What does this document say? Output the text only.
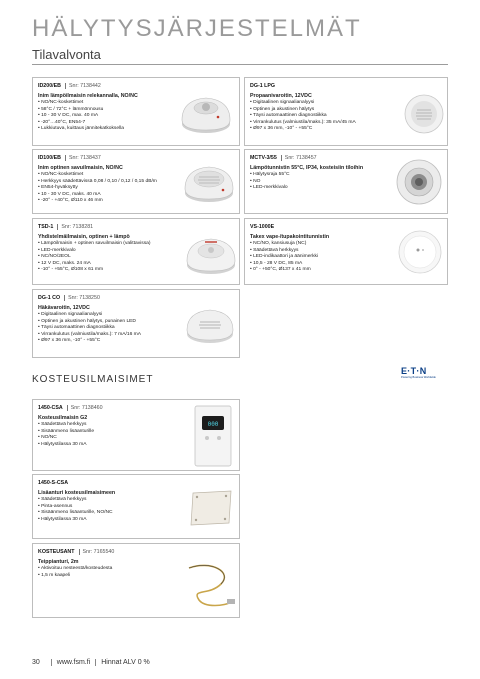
HÄLYTYSJÄRJESTELMÄT
Tilavalvonta
ID200/EB Snr: 7138442
Inim lämpöilmaisin relekannalla, NO/NC
• NO/NC-koskettimet
• 58°C / 72°C + lämmönnousu
• 10 - 30 V DC, max. 40 mA
• -20°…40°C, EN54-7
• Lukkiutuva, kuittaus jännitekatkoksella
DG-1 LPG
Propaanivaroitin, 12VDC
• Digitaalinen signaalianalyysi
• Optinen ja akustinen hälytys
• Täysi automaattinen diagnostiikka
• Virrankulutus (valmiustila/maks.): 35 mA/45 mA
• Ø97 x 36 mm, -10° - +55°C
ID100/EB Snr: 7138437
Inim optinen savuilmaisin, NO/NC
• NO/NC-koskettimet
• Herkkyys säädettävissä 0,08 / 0,10 / 0,12 / 0,15 dB/m
• EN54-hyväksytty
• 10 - 30 V DC, maks. 40 mA
• -20° - +40°C, Ø110 x 46 mm
MCTV-3/55 Snr: 7138457
Lämpötunnistin 55°C, IP34, kosteisiin tiloihin
• Hälytysraja 55°C
• NO
• LED-merkkivalo
TSD-1 Snr: 7138281
Yhdistelmäilmaisin, optinen + lämpö
• Lämpöilmaisin + optinen savuilmaisin (valittavissa)
• LED-merkkivalo
• NC/NO/2EOL
• 12 V DC, maks. 24 mA
• -10° - +55°C, Ø108 x 61 mm
VS-1000E
Takex vape-/tupakointitunnistin
• NC/NO, kansiusuja (NC)
• Säädettävä herkkyys
• LED-indikaattori ja äänimerkki
• 10,5 - 28 V DC, 85 mA
• 0° - +50°C, Ø137 x 41 mm
DG-1 CO Snr: 7138250
Häkävaroitin, 12VDC
• Digitaalinen signaalianalyysi
• Optinen ja akustinen hälytys, punainen LED
• Täysi automaattinen diagnostiikka
• Virrankulutus (valmiustila/maks.): 7 mA/16 mA
• Ø97 x 36 mm, -10° - +55°C
KOSTEUSILMAISIMET
E·T·N
Powering Business Worldwide
1450-CSA Snr: 7138460
Kosteusilmaisin G2
• Säädettävä herkkyys
• Sisäänmeno lisäanturille
• NO/NC
• Hälytystilassa 30 mA
000
1450-S-CSA
Lisäanturi kosteusilmaisimeen
• Säädettävä herkkyys
• Pinta-asennus
• Sisäänmeno lisäanturille, NO/NC
• Hälytystilassa 30 mA
KOSTEUSANT Snr: 7165540
Teippianturi, 2m
• Aktivoituu nesteestä/kosteudesta
• 1,5 m kaapeli
30 www.fsm.fi Hinnat ALV 0 %
